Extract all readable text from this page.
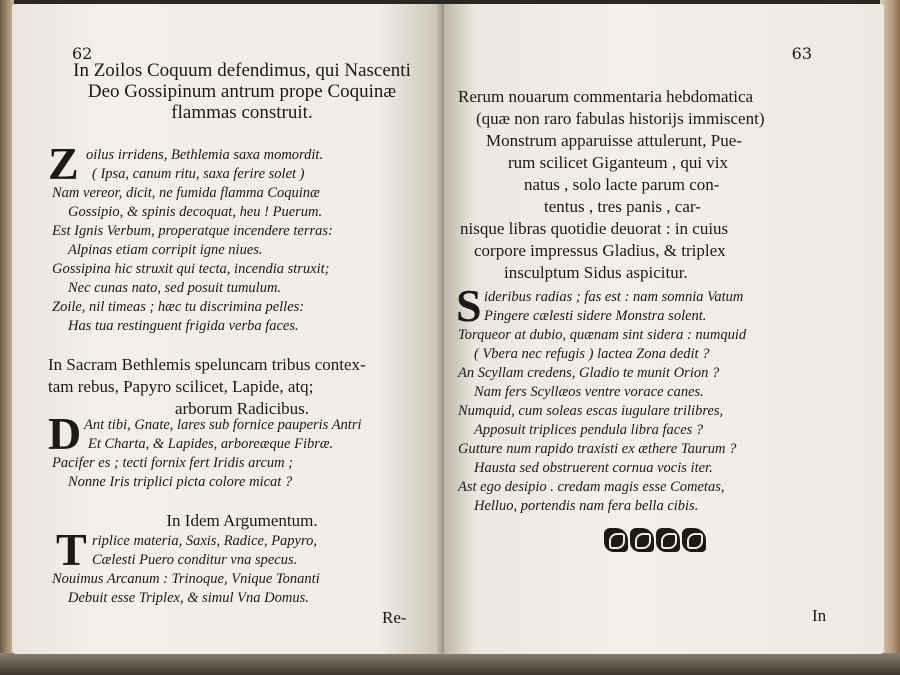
62
In Zoilos Coquum defendimus, qui Nascenti
Deo Gossipinum antrum prope Coquinæ
flammas construit.
Z oilus irridens, Bethlemia saxa momordit.
( Ipsa, canum ritu, saxa ferire solet )
Nam vereor, dicit, ne fumida flamma Coquinæ
Gossipio, & spinis decoquat, heu ! Puerum.
Est Ignis Verbum, properatque incendere terras:
Alpinas etiam corripit igne niues.
Gossipina hic struxit qui tecta, incendia struxit;
Nec cunas nato, sed posuit tumulum.
Zoile, nil timeas ; hæc tu discrimina pelles:
Has tua restinguent frigida verba faces.
In Sacram Bethlemis speluncam tribus contex-
tam rebus, Papyro scilicet, Lapide, atq;
arborum Radicibus.
D Ant tibi, Gnate, lares sub fornice pauperis Antri
Et Charta, & Lapides, arboreæque Fibræ.
Pacifer es ; tecti fornix fert Iridis arcum ;
Nonne Iris triplici picta colore micat ?
In Idem Argumentum.
T riplice materia, Saxis, Radice, Papyro,
Cælesti Puero conditur vna specus.
Nouimus Arcanum : Trinoque, Vnique Tonanti
Debuit esse Triplex, & simul Vna Domus.
Re-
63
Rerum nouarum commentaria hebdomatica
(quæ non raro fabulas historijs immiscent)
Monstrum apparuisse attulerunt, Pue-
rum scilicet Giganteum , qui vix
natus , solo lacte parum con-
tentus , tres panis , car-
nisque libras quotidie deuorat : in cuius
corpore impressus Gladius, & triplex
insculptum Sidus aspicitur.
S ideribus radias ; fas est : nam somnia Vatum
Pingere cælesti sidere Monstra solent.
Torqueor at dubio, quænam sint sidera : numquid
( Vbera nec refugis ) lactea Zona dedit ?
An Scyllam credens, Gladio te munit Orion ?
Nam fers Scyllæos ventre vorace canes.
Numquid, cum soleas escas iugulare trilibres,
Apposuit triplices pendula libra faces ?
Gutture num rapido traxisti ex æthere Taurum ?
Hausta sed obstruerent cornua vocis iter.
Ast ego desipio . credam magis esse Cometas,
Helluo, portendis nam fera bella cibis.
In
